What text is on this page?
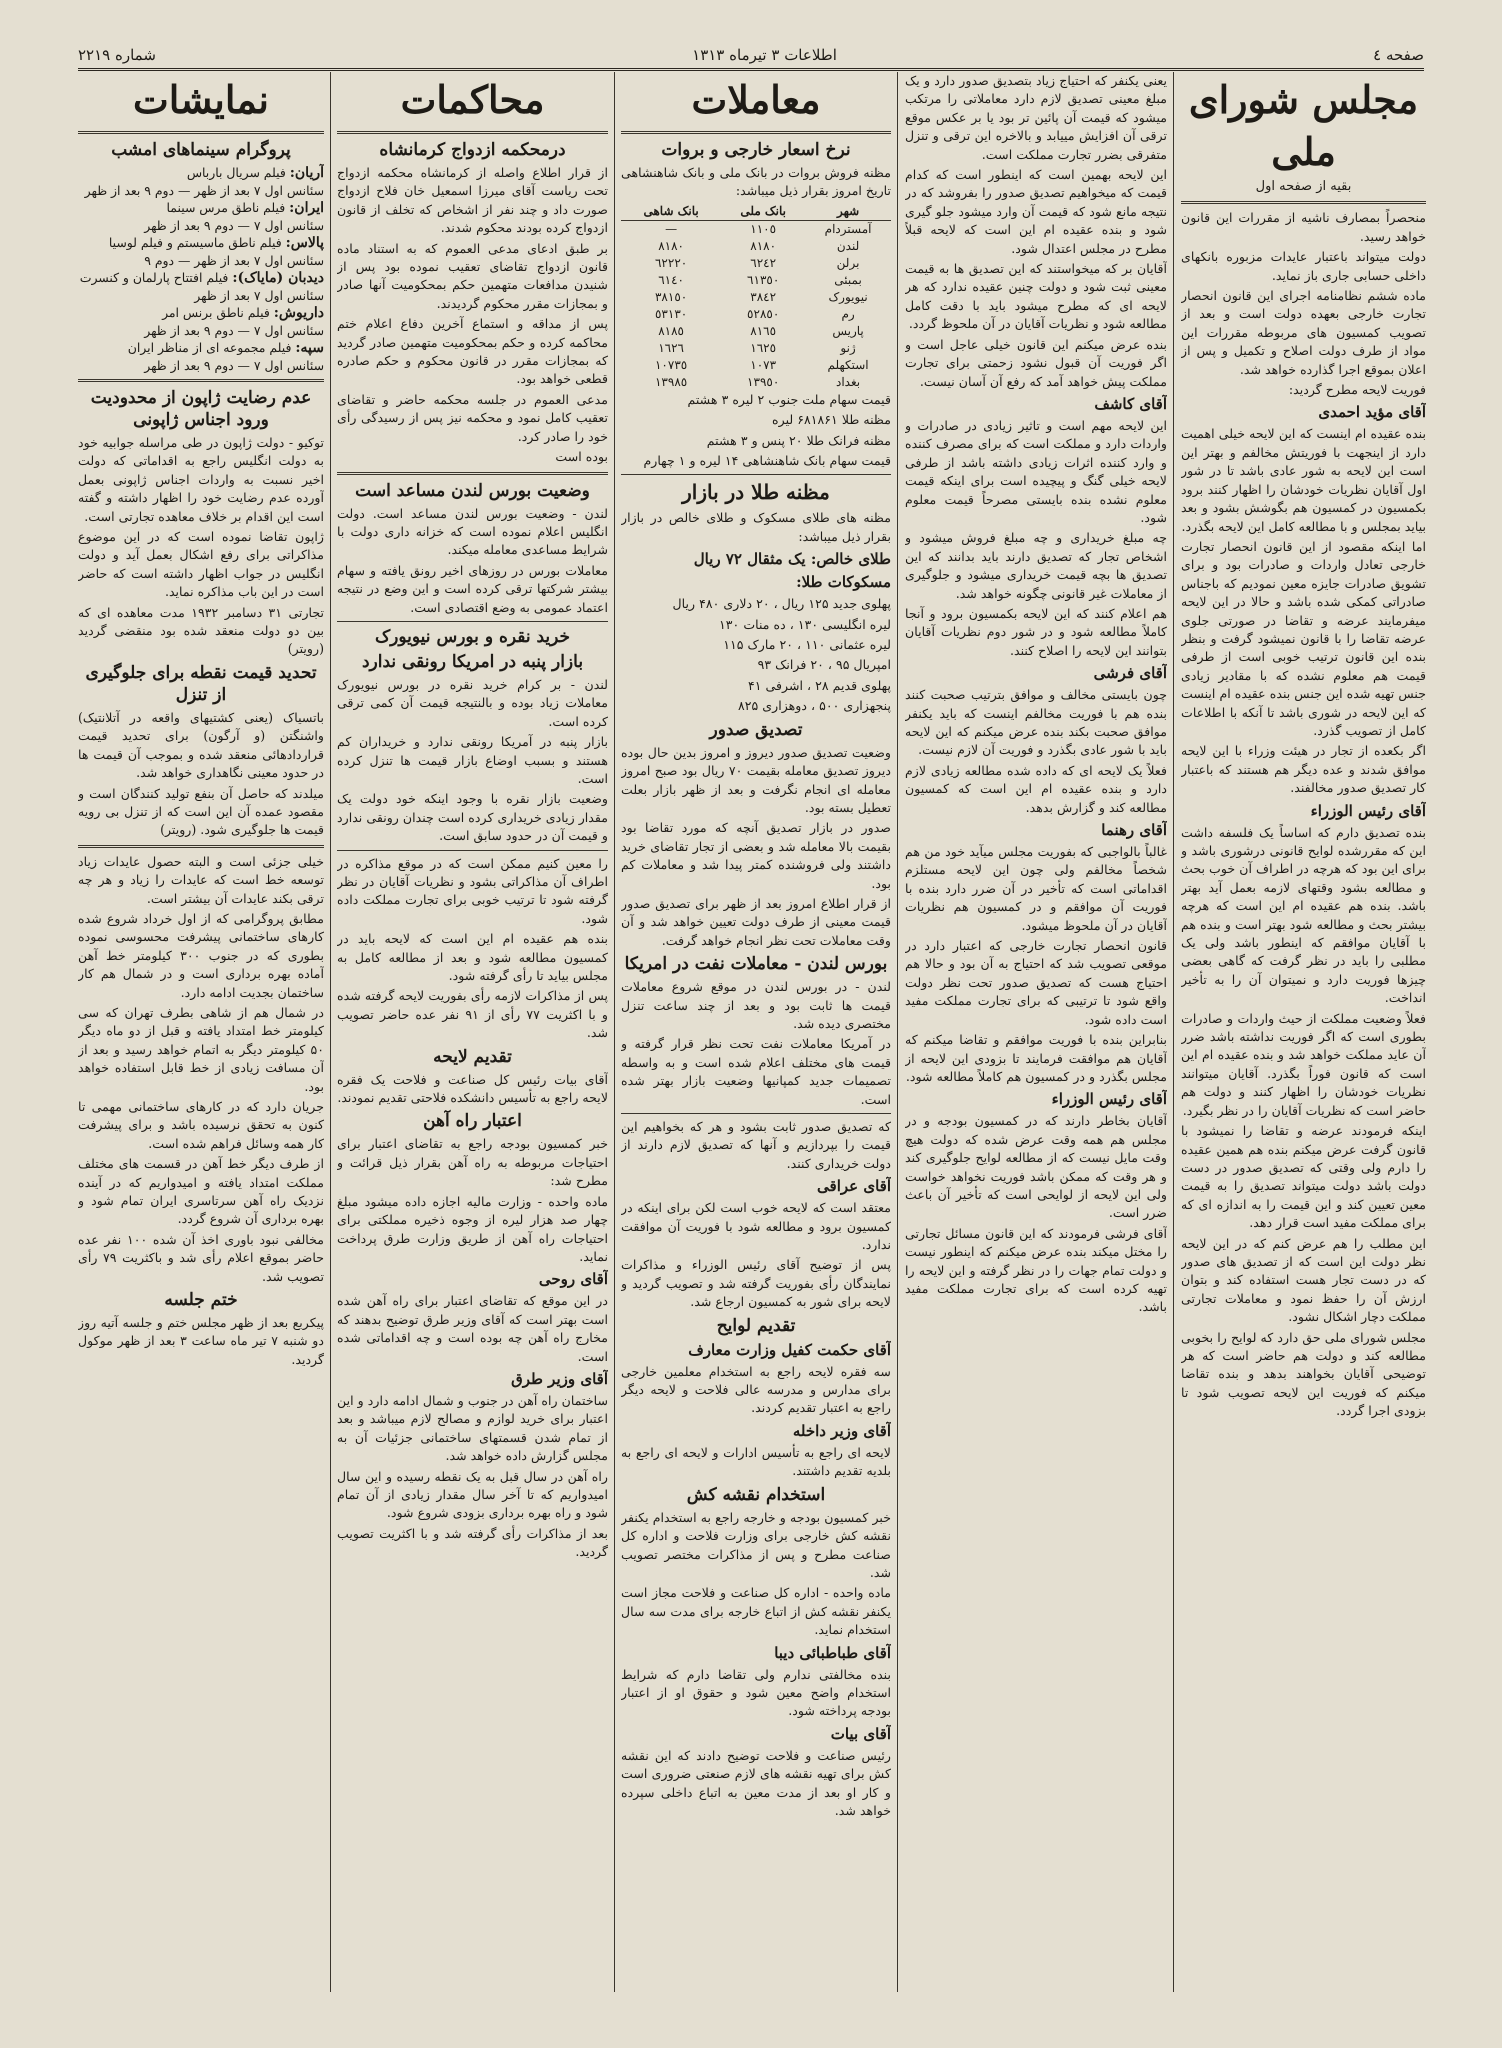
صفحه ٤
اطلاعات ٣ تیرماه ١٣١٣
شماره ٢٢١٩
مجلس شورای ملی
بقیه از صفحه اول

منحصراً بمصارف ناشیه از مقررات این قانون خواهد رسید.

دولت میتواند باعتبار عایدات مزبوره بانکهای داخلی حسابی جاری باز نماید.

ماده ششم نظامنامه اجرای این قانون انحصار تجارت خارجی بعهده دولت است و بعد از تصویب کمسیون های مربوطه مقررات این مواد از طرف دولت اصلاح و تکمیل و پس از اعلان بموقع اجرا گذارده خواهد شد.

فوریت لایحه مطرح گردید:

آقای مؤید احمدی

بنده عقیده ام اینست که این لایحه خیلی اهمیت دارد از اینجهت با فوریتش مخالفم و بهتر این است این لایحه به شور عادی باشد تا در شور اول آقایان نظریات خودشان را اظهار کنند برود بکمسیون در کمسیون هم بگوشش بشود و بعد بیاید بمجلس و با مطالعه کامل این لایحه بگذرد.

اما اینکه مقصود از این قانون انحصار تجارت خارجی تعادل واردات و صادرات بود و برای تشویق صادرات جایزه معین نمودیم که باجناس صادراتی کمکی شده باشد و حالا در این لایحه میفرمایند عرضه و تقاضا در صورتی جلوی عرضه تقاضا را با قانون نمیشود گرفت و بنظر بنده این قانون ترتیب خوبی است از طرفی قیمت هم معلوم نشده که با مقادیر زیادی جنس تهیه شده این جنس بنده عقیده ام اینست که این لایحه در شوری باشد تا آنکه با اطلاعات کامل از تصویب گذرد.

اگر بکعده از تجار در هیئت وزراء با این لایحه موافق شدند و عده دیگر هم هستند که باعتبار کار تصدیق صدور مخالفند.

آقای رئیس الوزراء

بنده تصدیق دارم که اساساً یک فلسفه داشت این که مقررشده لوایح قانونی درشوری باشد و برای این بود که هرچه در اطراف آن خوب بحث و مطالعه بشود وقتهای لازمه بعمل آید بهتر باشد. بنده هم عقیده ام این است که هرچه بیشتر بحث و مطالعه شود بهتر است و بنده هم با آقایان موافقم که اینطور باشد ولی یک مطلبی را باید در نظر گرفت که گاهی بعضی چیزها فوریت دارد و نمیتوان آن را به تأخیر انداخت.

فعلاً وضعیت مملکت از حیث واردات و صادرات بطوری است که اگر فوریت نداشته باشد ضرر آن عاید مملکت خواهد شد و بنده عقیده ام این است که قانون فوراً بگذرد. آقایان میتوانند نظریات خودشان را اظهار کنند و دولت هم حاضر است که نظریات آقایان را در نظر بگیرد.

اینکه فرمودند عرضه و تقاضا را نمیشود با قانون گرفت عرض میکنم بنده هم همین عقیده را دارم ولی وقتی که تصدیق صدور در دست دولت باشد دولت میتواند تصدیق را به قیمت معین تعیین کند و این قیمت را به اندازه ای که برای مملکت مفید است قرار دهد.

این مطلب را هم عرض کنم که در این لایحه نظر دولت این است که از تصدیق های صدور که در دست تجار هست استفاده کند و بتوان ارزش آن را حفظ نمود و معاملات تجارتی مملکت دچار اشکال نشود.

مجلس شورای ملی حق دارد که لوایح را بخوبی مطالعه کند و دولت هم حاضر است که هر توضیحی آقایان بخواهند بدهد و بنده تقاضا میکنم که فوریت این لایحه تصویب شود تا بزودی اجرا گردد.

یعنی یکنفر که احتیاج زیاد بتصدیق صدور دارد و یک مبلغ معینی تصدیق لازم دارد معاملاتی را مرتکب میشود که قیمت آن پائین تر بود یا بر عکس موقع ترقی آن افزایش مییابد و بالاخره این ترقی و تنزل متفرقی بضرر تجارت مملکت است.

این لایحه بهمین است که اینطور است که کدام قیمت که میخواهیم تصدیق صدور را بفروشد که در نتیجه مانع شود که قیمت آن وارد میشود جلو گیری شود و بنده عقیده ام این است که لایحه قبلاً مطرح در مجلس اعتدال شود.

آقایان بر که میخواستند که این تصدیق ها به قیمت معینی ثبت شود و دولت چنین عقیده ندارد که هر لایحه ای که مطرح میشود باید با دقت کامل مطالعه شود و نظریات آقایان در آن ملحوظ گردد.

بنده عرض میکنم این قانون خیلی عاجل است و اگر فوریت آن قبول نشود زحمتی برای تجارت مملکت پیش خواهد آمد که رفع آن آسان نیست.

آقای کاشف

این لایحه مهم است و تاثیر زیادی در صادرات و واردات دارد و مملکت است که برای مصرف کننده و وارد کننده اثرات زیادی داشته باشد از طرفی لایحه خیلی گنگ و پیچیده است برای اینکه قیمت معلوم نشده بنده بایستی مصرحاً قیمت معلوم شود.

چه مبلغ خریداری و چه مبلغ فروش میشود و اشخاص تجار که تصدیق دارند باید بدانند که این تصدیق ها بچه قیمت خریداری میشود و جلوگیری از معاملات غیر قانونی چگونه خواهد شد.

هم اعلام کنند که این لایحه بکمسیون برود و آنجا کاملاً مطالعه شود و در شور دوم نظریات آقایان بتوانند این لایحه را اصلاح کنند.

آقای فرشی

چون بایستی مخالف و موافق بترتیب صحبت کنند بنده هم با فوریت مخالفم اینست که باید یکنفر موافق صحبت بکند بنده عرض میکنم که این لایحه باید با شور عادی بگذرد و فوریت آن لازم نیست.

فعلاً یک لایحه ای که داده شده مطالعه زیادی لازم دارد و بنده عقیده ام این است که کمسیون مطالعه کند و گزارش بدهد.

آقای رهنما

غالباً بالواجبی که بفوریت مجلس میآید خود من هم شخصاً مخالفم ولی چون این لایحه مستلزم اقداماتی است که تأخیر در آن ضرر دارد بنده با فوریت آن موافقم و در کمسیون هم نظریات آقایان در آن ملحوظ میشود.

قانون انحصار تجارت خارجی که اعتبار دارد در موقعی تصویب شد که احتیاج به آن بود و حالا هم احتیاج هست که تصدیق صدور تحت نظر دولت واقع شود تا ترتیبی که برای تجارت مملکت مفید است داده شود.

بنابراین بنده با فوریت موافقم و تقاضا میکنم که آقایان هم موافقت فرمایند تا بزودی این لایحه از مجلس بگذرد و در کمسیون هم کاملاً مطالعه شود.

آقای رئیس الوزراء

آقایان بخاطر دارند که در کمسیون بودجه و در مجلس هم همه وقت عرض شده که دولت هیچ وقت مایل نیست که از مطالعه لوایح جلوگیری کند و هر وقت که ممکن باشد فوریت نخواهد خواست ولی این لایحه از لوایحی است که تأخیر آن باعث ضرر است.

آقای فرشی فرمودند که این قانون مسائل تجارتی را مختل میکند بنده عرض میکنم که اینطور نیست و دولت تمام جهات را در نظر گرفته و این لایحه را تهیه کرده است که برای تجارت مملکت مفید باشد.

معاملات
نرخ اسعار خارجی و بروات

مظنه فروش بروات در بانک ملی و بانک شاهنشاهی تاریخ امروز بقرار ذیل میباشد:

شهر	بانک ملی	بانک شاهی
آمستردام	١١٠٥	—
لندن	٨١٨٠	٨١٨٠
برلن	٦٢٤٢	٦٢٢٢٠
بمبئی	٦١٣٥٠	٦١٤٠
نیویورک	٣٨٤٢	٣٨١٥٠
رم	٥٢٨٥٠	٥٣١٣٠
پاریس	٨١٦٥	٨١٨٥
ژنو	١٦٢٥	١٦٢٦
استکهلم	١٠٧٣	١٠٧٣٥
بغداد	١٣٩٥٠	١٣٩٨٥

قیمت سهام ملت جنوب ۲ لیره ۳ هشتم

مظنه طلا ۶۸۱۸۶۱ لیره

مظنه فرانک طلا ۲۰ پنس و ۳ هشتم

قیمت سهام بانک شاهنشاهی ۱۴ لیره و ۱ چهارم

مظنه طلا در بازار

مظنه های طلای مسکوک و طلای خالص در بازار بقرار ذیل میباشد:

طلای خالص: یک مثقال ٧٢ ریال
مسکوکات طلا:

پهلوی جدید ۱۲۵ ریال ، ۲۰ دلاری ۴۸۰ ریال

لیره انگلیسی ۱۳۰ ، ده منات ۱۳۰

لیره عثمانی ۱۱۰ ، ۲۰ مارک ۱۱۵

امپریال ۹۵ ، ۲۰ فرانک ۹۳

پهلوی قدیم ۲۸ ، اشرفی ۴۱

پنجهزاری ۵۰۰ ، دوهزاری ۸۲۵

تصدیق صدور

وضعیت تصدیق صدور دیروز و امروز بدین حال بوده دیروز تصدیق معامله بقیمت ۷۰ ریال بود صبح امروز معامله ای انجام نگرفت و بعد از ظهر بازار بعلت تعطیل بسته بود.

صدور در بازار تصدیق آنچه که مورد تقاضا بود بقیمت بالا معامله شد و بعضی از تجار تقاضای خرید داشتند ولی فروشنده کمتر پیدا شد و معاملات کم بود.

از قرار اطلاع امروز بعد از ظهر برای تصدیق صدور قیمت معینی از طرف دولت تعیین خواهد شد و آن وقت معاملات تحت نظر انجام خواهد گرفت.

بورس لندن - معاملات نفت در امریکا

لندن - در بورس لندن در موقع شروع معاملات قیمت ها ثابت بود و بعد از چند ساعت تنزل مختصری دیده شد.

در آمریکا معاملات نفت تحت نظر قرار گرفته و قیمت های مختلف اعلام شده است و به واسطه تصمیمات جدید کمپانیها وضعیت بازار بهتر شده است.

که تصدیق صدور ثابت بشود و هر که بخواهیم این قیمت را بپردازیم و آنها که تصدیق لازم دارند از دولت خریداری کنند.

آقای عراقی

معتقد است که لایحه خوب است لکن برای اینکه در کمسیون برود و مطالعه شود با فوریت آن موافقت ندارد.

پس از توضیح آقای رئیس الوزراء و مذاکرات نمایندگان رأی بفوریت گرفته شد و تصویب گردید و لایحه برای شور به کمسیون ارجاع شد.

تقدیم لوایح
آقای حکمت کفیل وزارت معارف

سه فقره لایحه راجع به استخدام معلمین خارجی برای مدارس و مدرسه عالی فلاحت و لایحه دیگر راجع به اعتبار تقدیم کردند.

آقای وزیر داخله

لایحه ای راجع به تأسیس ادارات و لایحه ای راجع به بلدیه تقدیم داشتند.

استخدام نقشه کش

خبر کمسیون بودجه و خارجه راجع به استخدام یکنفر نقشه کش خارجی برای وزارت فلاحت و اداره کل صناعت مطرح و پس از مذاکرات مختصر تصویب شد.

ماده واحده - اداره کل صناعت و فلاحت مجاز است یکنفر نقشه کش از اتباع خارجه برای مدت سه سال استخدام نماید.

آقای طباطبائی دیبا

بنده مخالفتی ندارم ولی تقاضا دارم که شرایط استخدام واضح معین شود و حقوق او از اعتبار بودجه پرداخته شود.

آقای بیات

رئیس صناعت و فلاحت توضیح دادند که این نقشه کش برای تهیه نقشه های لازم صنعتی ضروری است و کار او بعد از مدت معین به اتباع داخلی سپرده خواهد شد.

محاکمات
درمحکمه ازدواج کرمانشاه

از قرار اطلاع واصله از کرمانشاه محکمه ازدواج تحت ریاست آقای میرزا اسمعیل خان فلاح ازدواج صورت داد و چند نفر از اشخاص که تخلف از قانون ازدواج کرده بودند محکوم شدند.

بر طبق ادعای مدعی العموم که به استناد ماده قانون ازدواج تقاضای تعقیب نموده بود پس از شنیدن مدافعات متهمین حکم بمحکومیت آنها صادر و بمجازات مقرر محکوم گردیدند.

پس از مداقه و استماع آخرین دفاع اعلام ختم محاکمه کرده و حکم بمحکومیت متهمین صادر گردید که بمجازات مقرر در قانون محکوم و حکم صادره قطعی خواهد بود.

مدعی العموم در جلسه محکمه حاضر و تقاضای تعقیب کامل نمود و محکمه نیز پس از رسیدگی رأی خود را صادر کرد.

بوده است

وضعیت بورس لندن مساعد است

لندن - وضعیت بورس لندن مساعد است. دولت انگلیس اعلام نموده است که خزانه داری دولت با شرایط مساعدی معامله میکند.

معاملات بورس در روزهای اخیر رونق یافته و سهام بیشتر شرکتها ترقی کرده است و این وضع در نتیجه اعتماد عمومی به وضع اقتصادی است.

خرید نقره و بورس نیویورک
بازار پنبه در امریکا رونقی ندارد

لندن - بر کرام خرید نقره در بورس نیویورک معاملات زیاد بوده و بالنتیجه قیمت آن کمی ترقی کرده است.

بازار پنبه در آمریکا رونقی ندارد و خریداران کم هستند و بسبب اوضاع بازار قیمت ها تنزل کرده است.

وضعیت بازار نقره با وجود اینکه خود دولت یک مقدار زیادی خریداری کرده است چندان رونقی ندارد و قیمت آن در حدود سابق است.

را معین کنیم ممکن است که در موقع مذاکره در اطراف آن مذاکراتی بشود و نظریات آقایان در نظر گرفته شود تا ترتیب خوبی برای تجارت مملکت داده شود.

بنده هم عقیده ام این است که لایحه باید در کمسیون مطالعه شود و بعد از مطالعه کامل به مجلس بیاید تا رأی گرفته شود.

پس از مذاکرات لازمه رأی بفوریت لایحه گرفته شده و با اکثریت ۷۷ رأی از ۹۱ نفر عده حاضر تصویب شد.

تقدیم لایحه

آقای بیات رئیس کل صناعت و فلاحت یک فقره لایحه راجع به تأسیس دانشکده فلاحتی تقدیم نمودند.

اعتبار راه آهن

خبر کمسیون بودجه راجع به تقاضای اعتبار برای احتیاجات مربوطه به راه آهن بقرار ذیل قرائت و مطرح شد:

ماده واحده - وزارت مالیه اجازه داده میشود مبلغ چهار صد هزار لیره از وجوه ذخیره مملکتی برای احتیاجات راه آهن از طریق وزارت طرق پرداخت نماید.

آقای روحی

در این موقع که تقاضای اعتبار برای راه آهن شده است بهتر است که آقای وزیر طرق توضیح بدهند که مخارج راه آهن چه بوده است و چه اقداماتی شده است.

آقای وزیر طرق

ساختمان راه آهن در جنوب و شمال ادامه دارد و این اعتبار برای خرید لوازم و مصالح لازم میباشد و بعد از تمام شدن قسمتهای ساختمانی جزئیات آن به مجلس گزارش داده خواهد شد.

راه آهن در سال قبل به یک نقطه رسیده و این سال امیدواریم که تا آخر سال مقدار زیادی از آن تمام شود و راه بهره برداری بزودی شروع شود.

بعد از مذاکرات رأی گرفته شد و با اکثریت تصویب گردید.

نمایشات
پروگرام سینماهای امشب
آریان: فیلم سریال بارباس
سئانس اول ۷ بعد از ظهر — دوم ۹ بعد از ظهر
ایران: فیلم ناطق مرس سینما
سئانس اول ۷ — دوم ۹ بعد از ظهر
پالاس: فیلم ناطق ماسیستم و فیلم لوسیا
سئانس اول ۷ بعد از ظهر — دوم ۹
دیدبان (مایاک): فیلم افتتاح پارلمان و کنسرت
سئانس اول ۷ بعد از ظهر
داریوش: فیلم ناطق برنس امر
سئانس اول ۷ — دوم ۹ بعد از ظهر
سپه: فیلم مجموعه ای از مناظر ایران
سئانس اول ۷ — دوم ۹ بعد از ظهر
عدم رضایت ژاپون از محدودیت ورود اجناس ژاپونی

توکیو - دولت ژاپون در طی مراسله جوابیه خود به دولت انگلیس راجع به اقداماتی که دولت اخیر نسبت به واردات اجناس ژاپونی بعمل آورده عدم رضایت خود را اظهار داشته و گفته است این اقدام بر خلاف معاهده تجارتی است.

ژاپون تقاضا نموده است که در این موضوع مذاکراتی برای رفع اشکال بعمل آید و دولت انگلیس در جواب اظهار داشته است که حاضر است در این باب مذاکره نماید.

تجارتی ۳۱ دسامبر ۱۹۳۲ مدت معاهده ای که بین دو دولت منعقد شده بود منقضی گردید (رویتر)

تحدید قیمت نقطه برای جلوگیری از تنزل

باتسیاک (یعنی کشتیهای واقعه در آتلانتیک) واشنگتن (و آرگون) برای تحدید قیمت قراردادهائی منعقد شده و بموجب آن قیمت ها در حدود معینی نگاهداری خواهد شد.

میلدند که حاصل آن بنفع تولید کنندگان است و مقصود عمده آن این است که از تنزل بی رویه قیمت ها جلوگیری شود. (رویتر)

خیلی جزئی است و البته حصول عایدات زیاد توسعه خط است که عایدات را زیاد و هر چه ترقی بکند عایدات آن بیشتر است.

مطابق پروگرامی که از اول خرداد شروع شده کارهای ساختمانی پیشرفت محسوسی نموده بطوری که در جنوب ۳۰۰ کیلومتر خط آهن آماده بهره برداری است و در شمال هم کار ساختمان بجدیت ادامه دارد.

در شمال هم از شاهی بطرف تهران که سی کیلومتر خط امتداد یافته و قبل از دو ماه دیگر ۵۰ کیلومتر دیگر به اتمام خواهد رسید و بعد از آن مسافت زیادی از خط قابل استفاده خواهد بود.

جریان دارد که در کارهای ساختمانی مهمی تا کنون به تحقق نرسیده باشد و برای پیشرفت کار همه وسائل فراهم شده است.

از طرف دیگر خط آهن در قسمت های مختلف مملکت امتداد یافته و امیدواریم که در آینده نزدیک راه آهن سرتاسری ایران تمام شود و بهره برداری آن شروع گردد.

مخالفی نبود باوری اخذ آن شده ۱۰۰ نفر عده حاضر بموقع اعلام رأی شد و باکثریت ۷۹ رأی تصویب شد.

ختم جلسه

پیکربع بعد از ظهر مجلس ختم و جلسه آتیه روز دو شنبه ۷ تیر ماه ساعت ۳ بعد از ظهر موکول گردید.
